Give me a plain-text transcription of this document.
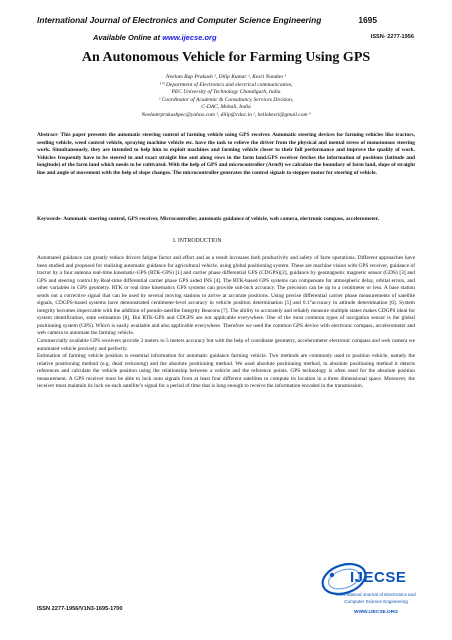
International Journal of Electronics and Computer Science Engineering	1695
Available Online at www.ijecse.org	ISSN- 2277-1956
An Autonomous Vehicle for Farming Using GPS
Neelam Rup Prakash ¹, Dilip Kumar ², Kesri Nandan ³
¹ʼ³ Department of Electronics and electrical communication,
PEC University of Technology Chandigarh, India
² Coordinator of Academic & Consultancy Services Division,
C-DAC, Mohali, India
Neelamrprakashpec@yahoo.com ¹, dilip@cdac.in ², hellokesri@gmail.com ³
Abstract- This paper presents the automatic steering control of farming vehicle using GPS receiver. Automatic steering devices for farming vehicles like tractors, seeding vehicle, weed control vehicle, spraying machine vehicle etc. have the task to relieve the driver from the physical and mental stress of monotonous steering work. Simultaneously, they are intended to help him to exploit machines and farming vehicle closer to their full performance and improve the quality of work. Vehicles frequently have to be steered in and exact straight line and along rows in the farm land.GPS receiver fetches the information of positions (latitude and longitude) of the farm land which needs to be cultivated. With the help of GPS and microcontroller (Arm9) we calculate the boundary of farm land, slope of straight line and angle of movement with the help of slope changes. The microcontroller generates the control signals to stepper motor for steering of vehicle.
Keywords- Automatic steering control, GPS receiver, Microcontroller, automatic guidance of vehicle, web camera, electronic compass, accelerometer.
I. INTRODUCTION

Automated guidance can greatly reduce drivers fatigue factor and effort and as a result increases both productivity and safety of farm operations. Different approaches have been studied and proposed for realizing automatic guidance for agricultural vehicle, using global positioning system. These are machine vision with GPS receiver, guidance of tractor by a four antenna real-time kinematic-GPS (RTK-GPS) [1] and carrier phase differential GPS (CDGPS)[2], guidance by geomagnetic magnetic sensor (GDS) [3] and GPS and steering control by Real-time differential carrier phase GPS aided INS [4]. The RTK-based GPS systems can compensate for atmospheric delay, orbital errors, and other variables in GPS geometry. RTK or real time kinematics GPS systems can provide sub-inch accuracy. The precision can be up to a centimeter or less. A base station sends out a corrective signal that can be used by several moving stations to arrive at accurate positions. Using precise differential carrier phase measurements of satellite signals, CDGPS-based systems have demonstrated centimeter-level accuracy in vehicle position determination [5] and 0.1°accuracy in attitude determination [6]. System integrity becomes impeccable with the addition of pseudo-satellite Integrity Beacons [7]. The ability to accurately and reliably measure multiple states makes CDGPS ideal for system identification, state estimation [8]. But RTK-GPS and CDGPS are not applicable everywhere. One of the most common types of navigation sensor is the global positioning system (GPS). Which is easily available and also applicable everywhere. Therefore we used the common GPS device with electronic compass, accelerometer and web camera to automate the farming vehicle.

Commercially available GPS receivers provide 3 meters to 5 meters accuracy but with the help of coordinate geometry, accelerometer electronic compass and web camera we automated vehicle precisely and perfectly.

Estimation of farming vehicle position is essential information for automatic guidance farming vehicle. Two methods are commonly used to position vehicle, namely the relative positioning method (e.g. dead reckoning) and the absolute positioning method. We used absolute positioning method, in absolute positioning method it detects references and calculate the vehicle position using the relationship between a vehicle and the reference points. GPS technology is often used for the absolute position measurement. A GPS receiver must be able to lock onto signals from at least four different satellites to compute its location in a three dimensional space. Moreover, the receiver must maintain its lock on each satellite’s signal for a period of time that is long enough to receive the information encoded in the transmission.

ISSN 2277-1956/V1N3-1695-1700
IJECSE
International Journal of Electronics and
Computer Science Engineering
WWW.IJECSE.ORG
